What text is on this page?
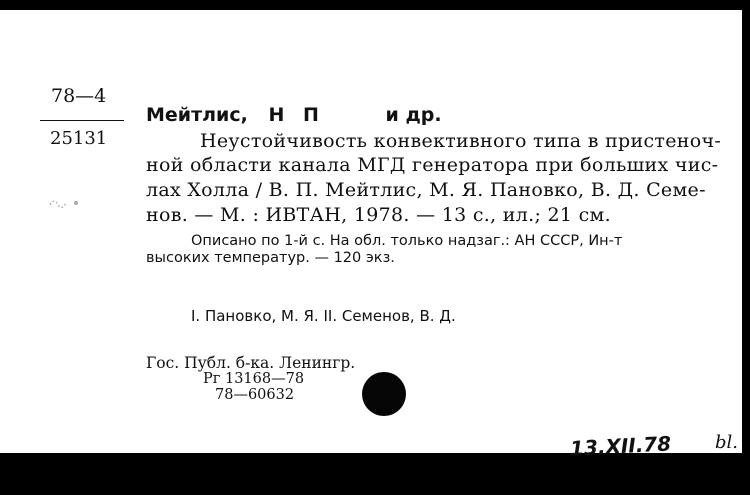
78—4
25131
Мейтлис, Н П	и др.
Неустойчивость конвективного типа в пристеноч-
ной области канала МГД генератора при больших чис-
лах Холла / В. П. Мейтлис, М. Я. Пановко, В. Д. Семе-
нов. — М. : ИВТАН, 1978. — 13 с., ил.; 21 см.
Описано по 1-й с. На обл. только надзаг.: АН СССР, Ин-т
высоких температур. — 120 экз.
I. Пановко, М. Я. II. Семенов, В. Д.
Гос. Публ. б-ка. Ленингр.
Рг 13168—78
78—60632
13.XII.78 bl.
